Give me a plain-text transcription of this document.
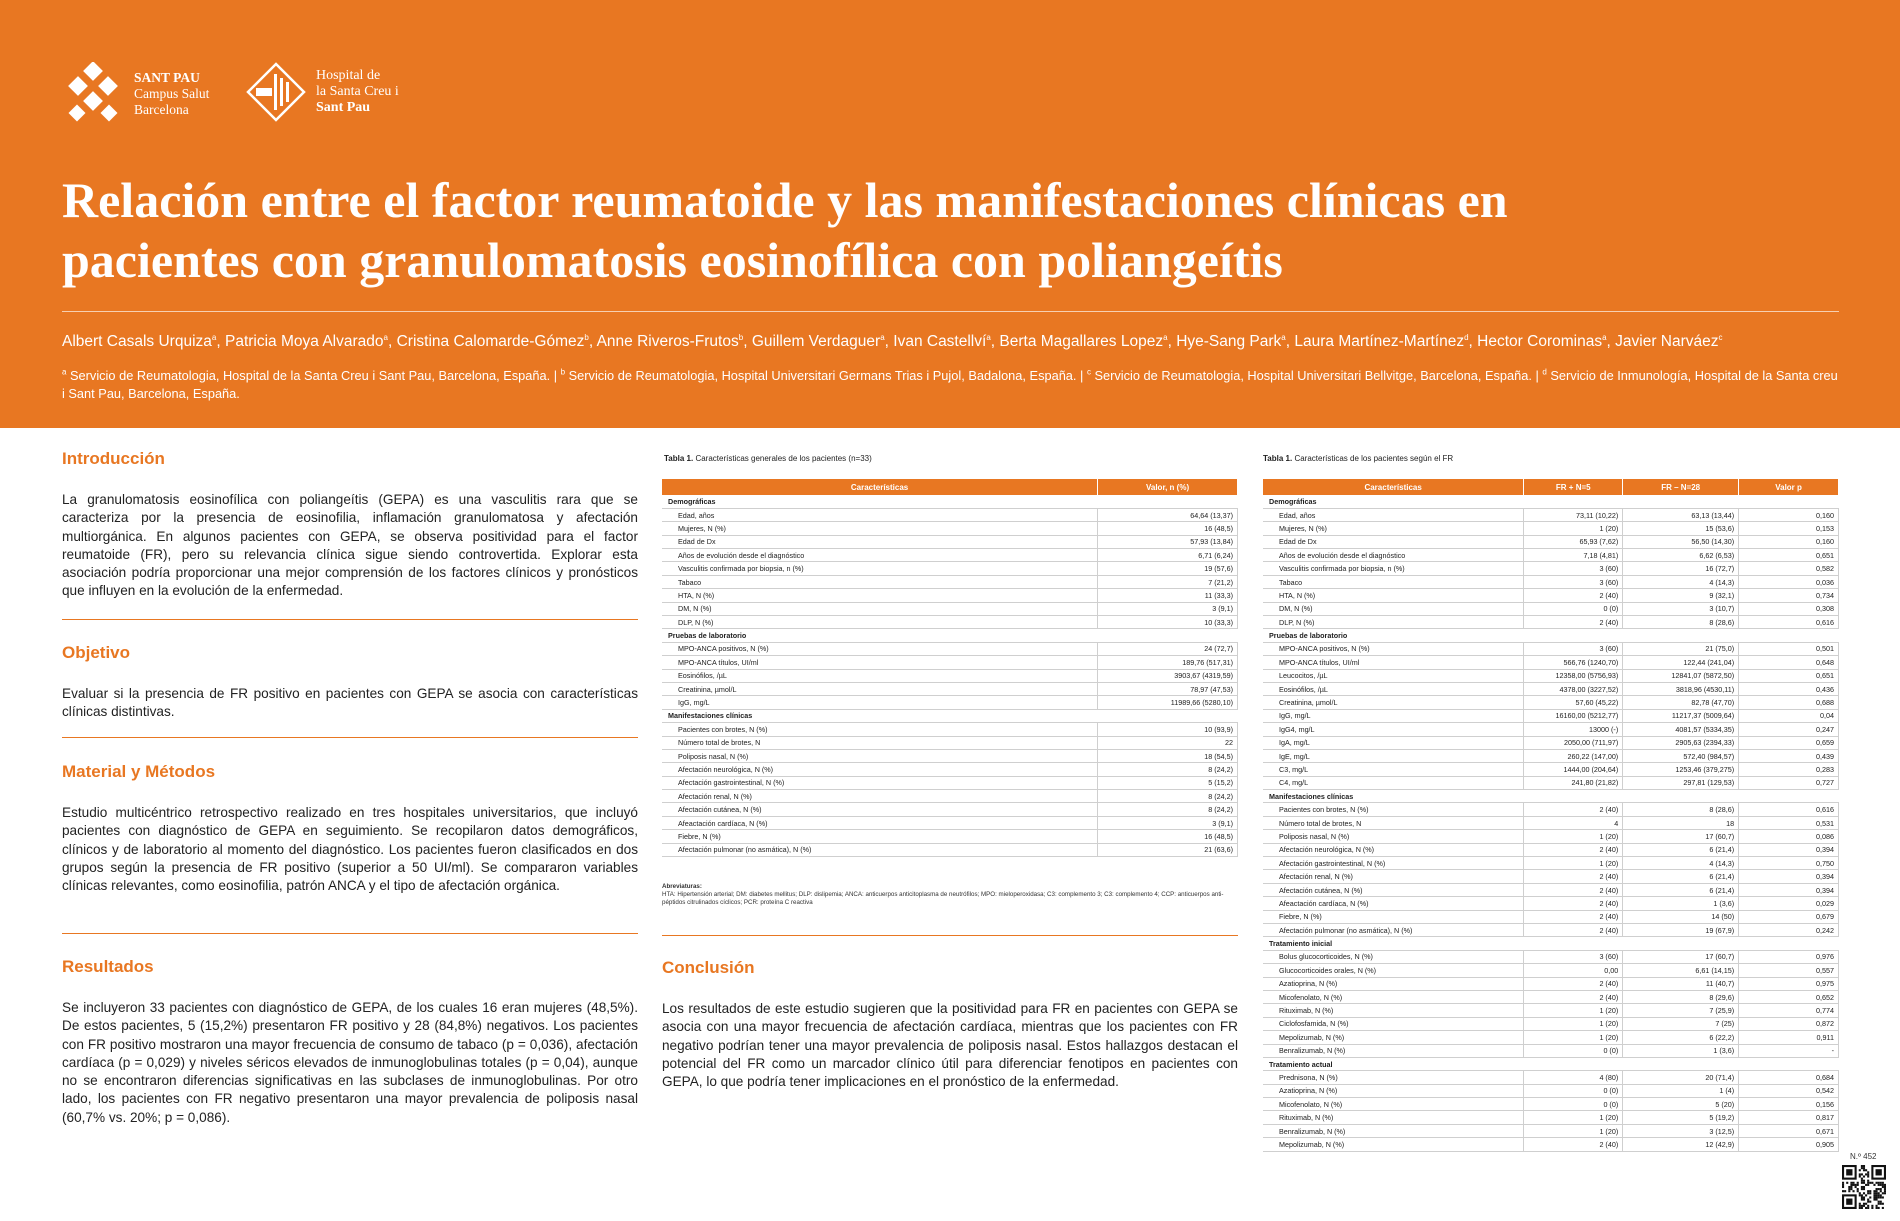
SANT PAU
Campus Salut
Barcelona
Hospital de
la Santa Creu i
Sant Pau
Relación entre el factor reumatoide y las manifestaciones clínicas en
pacientes con granulomatosis eosinofílica con poliangeítis
Albert Casals Urquiza$^a$, Patricia Moya Alvarado$^a$, Cristina Calomarde-Gómez$^b$, Anne Riveros-Frutos$^b$, Guillem Verdaguer$^a$, Ivan Castellví$^a$, Berta Magallares Lopez$^a$, Hye-Sang Park$^a$, Laura Martínez-Martínez$^d$, Hector Corominas$^a$, Javier Narváez$^c$
$^a$ Servicio de Reumatologia, Hospital de la Santa Creu i Sant Pau, Barcelona, España. | $^b$ Servicio de Reumatologia, Hospital Universitari Germans Trias i Pujol, Badalona, España. | $^c$ Servicio de Reumatologia, Hospital Universitari Bellvitge, Barcelona, España. | $^d$ Servicio de Inmunología, Hospital de la Santa creu i Sant Pau, Barcelona, España.
Introducción

La granulomatosis eosinofílica con poliangeítis (GEPA) es una vasculitis rara que se caracteriza por la presencia de eosinofilia, inflamación granulomatosa y afectación multiorgánica. En algunos pacientes con GEPA, se observa positividad para el factor reumatoide (FR), pero su relevancia clínica sigue siendo controvertida. Explorar esta asociación podría proporcionar una mejor comprensión de los factores clínicos y pronósticos que influyen en la evolución de la enfermedad.

Objetivo

Evaluar si la presencia de FR positivo en pacientes con GEPA se asocia con características clínicas distintivas.

Material y Métodos

Estudio multicéntrico retrospectivo realizado en tres hospitales universitarios, que incluyó pacientes con diagnóstico de GEPA en seguimiento. Se recopilaron datos demográficos, clínicos y de laboratorio al momento del diagnóstico. Los pacientes fueron clasificados en dos grupos según la presencia de FR positivo (superior a 50 UI/ml). Se compararon variables clínicas relevantes, como eosinofilia, patrón ANCA y el tipo de afectación orgánica.

Resultados

Se incluyeron 33 pacientes con diagnóstico de GEPA, de los cuales 16 eran mujeres (48,5%). De estos pacientes, 5 (15,2%) presentaron FR positivo y 28 (84,8%) negativos. Los pacientes con FR positivo mostraron una mayor frecuencia de consumo de tabaco (p = 0,036), afectación cardíaca (p = 0,029) y niveles séricos elevados de inmunoglobulinas totales (p = 0,04), aunque no se encontraron diferencias significativas en las subclases de inmunoglobulinas. Por otro lado, los pacientes con FR negativo presentaron una mayor prevalencia de poliposis nasal (60,7% vs. 20%; p = 0,086).

Tabla 1. Características generales de los pacientes (n=33)
Características	Valor, n (%)
Demográficas	
Edad, años	64,64 (13,37)
Mujeres, N (%)	16 (48,5)
Edad de Dx	57,93 (13,84)
Años de evolución desde el diagnóstico	6,71 (6,24)
Vasculitis confirmada por biopsia, n (%)	19 (57,6)
Tabaco	7 (21,2)
HTA, N (%)	11 (33,3)
DM, N (%)	3 (9,1)
DLP, N (%)	10 (33,3)
Pruebas de laboratorio	
MPO-ANCA positivos, N (%)	24 (72,7)
MPO-ANCA títulos, UI/ml	189,76 (517,31)
Eosinófilos, /µL	3903,67 (4319,59)
Creatinina, µmol/L	78,97 (47,53)
IgG, mg/L	11989,66 (5280,10)
Manifestaciones clínicas	
Pacientes con brotes, N (%)	10 (93,9)
Número total de brotes, N	22
Poliposis nasal, N (%)	18 (54,5)
Afectación neurológica, N (%)	8 (24,2)
Afectación gastrointestinal, N (%)	5 (15,2)
Afectación renal, N (%)	8 (24,2)
Afectación cutánea, N (%)	8 (24,2)
Afeactación cardíaca, N (%)	3 (9,1)
Fiebre, N (%)	16 (48,5)
Afectación pulmonar (no asmática), N (%)	21 (63,6)
Abreviaturas:
HTA: Hipertensión arterial; DM: diabetes mellitus; DLP: dislipemia; ANCA: anticuerpos anticitoplasma de neutrófilos; MPO: mieloperoxidasa; C3: complemento 3; C3: complemento 4; CCP: anticuerpos anti-péptidos citrulinados cíclicos; PCR: proteína C reactiva
Conclusión

Los resultados de este estudio sugieren que la positividad para FR en pacientes con GEPA se asocia con una mayor frecuencia de afectación cardíaca, mientras que los pacientes con FR negativo podrían tener una mayor prevalencia de poliposis nasal. Estos hallazgos destacan el potencial del FR como un marcador clínico útil para diferenciar fenotipos en pacientes con GEPA, lo que podría tener implicaciones en el pronóstico de la enfermedad.

Tabla 1. Características de los pacientes según el FR
Características	FR + N=5	FR – N=28	Valor p
Demográficas			
Edad, años	73,11 (10,22)	63,13 (13,44)	0,160
Mujeres, N (%)	1 (20)	15 (53,6)	0,153
Edad de Dx	65,93 (7,62)	56,50 (14,30)	0,160
Años de evolución desde el diagnóstico	7,18 (4,81)	6,62 (6,53)	0,651
Vasculitis confirmada por biopsia, n (%)	3 (60)	16 (72,7)	0,582
Tabaco	3 (60)	4 (14,3)	0,036
HTA, N (%)	2 (40)	9 (32,1)	0,734
DM, N (%)	0 (0)	3 (10,7)	0,308
DLP, N (%)	2 (40)	8 (28,6)	0,616
Pruebas de laboratorio			
MPO-ANCA positivos, N (%)	3 (60)	21 (75,0)	0,501
MPO-ANCA títulos, UI/ml	566,76 (1240,70)	122,44 (241,04)	0,648
Leucocitos, /µL	12358,00 (5756,93)	12841,07 (5872,50)	0,651
Eosinófilos, /µL	4378,00 (3227,52)	3818,96 (4530,11)	0,436
Creatinina, µmol/L	57,60 (45,22)	82,78 (47,70)	0,688
IgG, mg/L	16160,00 (5212,77)	11217,37 (5009,64)	0,04
IgG4, mg/L	13000 (-)	4081,57 (5334,35)	0,247
IgA, mg/L	2050,00 (711,97)	2905,63 (2394,33)	0,659
IgE, mg/L	260,22 (147,00)	572,40 (984,57)	0,439
C3, mg/L	1444,00 (204,64)	1253,46 (379,275)	0,283
C4, mg/L	241,80 (21,82)	297,81 (129,53)	0,727
Manifestaciones clínicas			
Pacientes con brotes, N (%)	2 (40)	8 (28,6)	0,616
Número total de brotes, N	4	18	0,531
Poliposis nasal, N (%)	1 (20)	17 (60,7)	0,086
Afectación neurológica, N (%)	2 (40)	6 (21,4)	0,394
Afectación gastrointestinal, N (%)	1 (20)	4 (14,3)	0,750
Afectación renal, N (%)	2 (40)	6 (21,4)	0,394
Afectación cutánea, N (%)	2 (40)	6 (21,4)	0,394
Afeactación cardíaca, N (%)	2 (40)	1 (3,6)	0,029
Fiebre, N (%)	2 (40)	14 (50)	0,679
Afectación pulmonar (no asmática), N (%)	2 (40)	19 (67,9)	0,242
Tratamiento inicial			
Bolus glucocorticoides, N (%)	3 (60)	17 (60,7)	0,976
Glucocorticoides orales, N (%)	0,00	6,61 (14,15)	0,557
Azatioprina, N (%)	2 (40)	11 (40,7)	0,975
Micofenolato, N (%)	2 (40)	8 (29,6)	0,652
Rituximab, N (%)	1 (20)	7 (25,9)	0,774
Ciclofosfamida, N (%)	1 (20)	7 (25)	0,872
Mepolizumab, N (%)	1 (20)	6 (22,2)	0,911
Benralizumab, N (%)	0 (0)	1 (3,6)	-
Tratamiento actual			
Prednisona, N (%)	4 (80)	20 (71,4)	0,684
Azatioprina, N (%)	0 (0)	1 (4)	0,542
Micofenolato, N (%)	0 (0)	5 (20)	0,156
Rituximab, N (%)	1 (20)	5 (19,2)	0,817
Benralizumab, N (%)	1 (20)	3 (12,5)	0,671
Mepolizumab, N (%)	2 (40)	12 (42,9)	0,905
N.º 452
